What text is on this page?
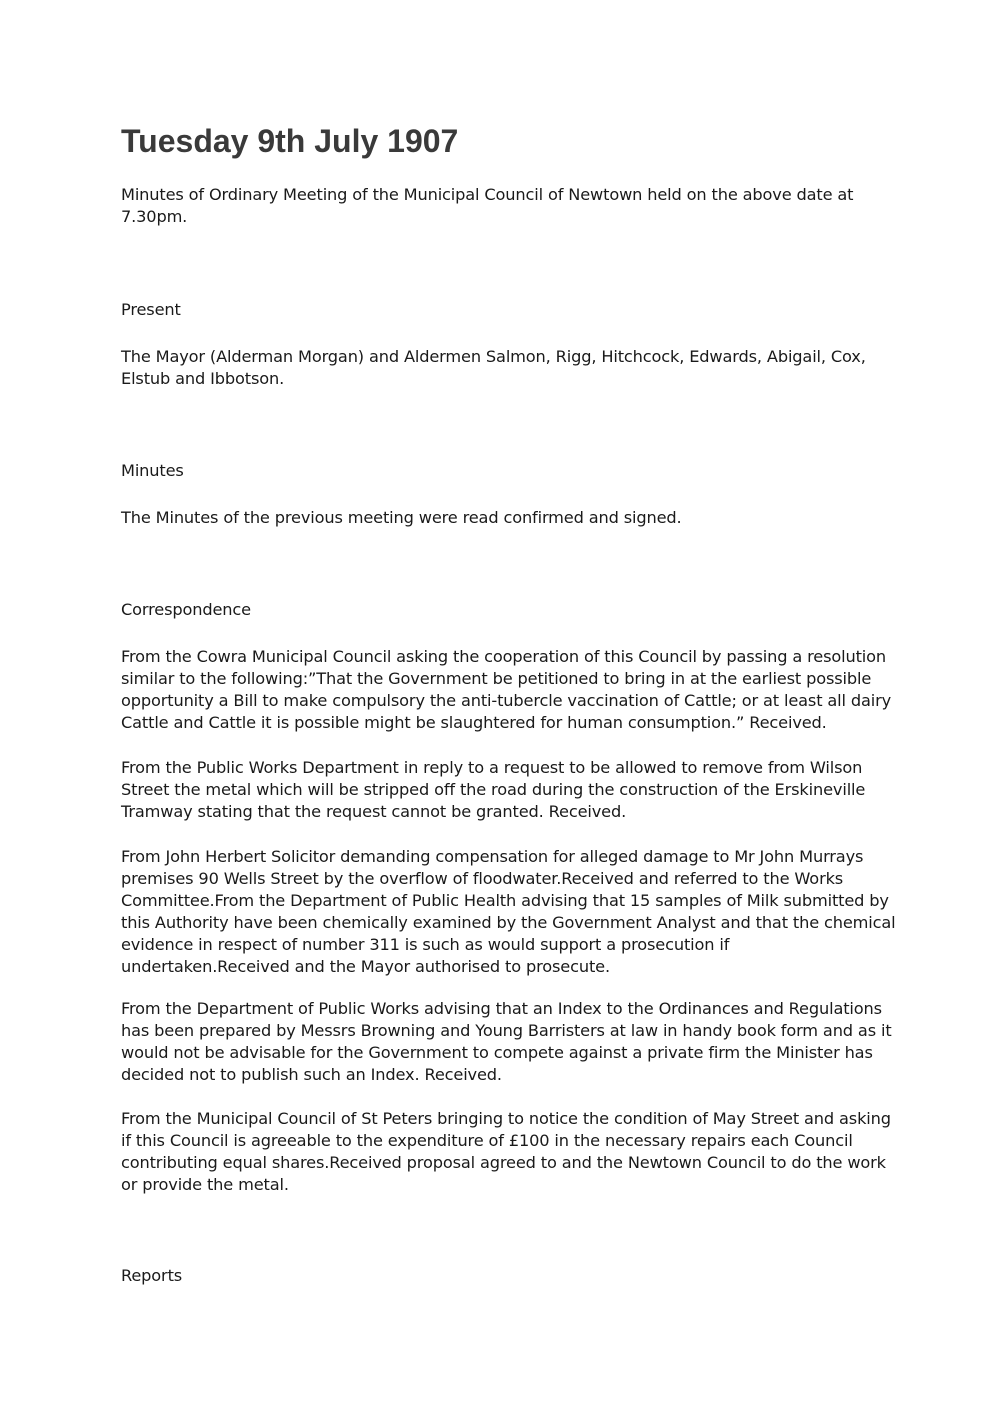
Tuesday 9th July 1907

Minutes of Ordinary Meeting of the Municipal Council of Newtown held on the above date at
7.30pm.

Present

The Mayor (Alderman Morgan) and Aldermen Salmon, Rigg, Hitchcock, Edwards, Abigail, Cox,
Elstub and Ibbotson.

Minutes

The Minutes of the previous meeting were read confirmed and signed.

Correspondence

From the Cowra Municipal Council asking the cooperation of this Council by passing a resolution
similar to the following:”That the Government be petitioned to bring in at the earliest possible
opportunity a Bill to make compulsory the anti-tubercle vaccination of Cattle; or at least all dairy
Cattle and Cattle it is possible might be slaughtered for human consumption.” Received.

From the Public Works Department in reply to a request to be allowed to remove from Wilson
Street the metal which will be stripped off the road during the construction of the Erskineville
Tramway stating that the request cannot be granted. Received.

From John Herbert Solicitor demanding compensation for alleged damage to Mr John Murrays
premises 90 Wells Street by the overflow of floodwater.Received and referred to the Works
Committee.From the Department of Public Health advising that 15 samples of Milk submitted by
this Authority have been chemically examined by the Government Analyst and that the chemical
evidence in respect of number 311 is such as would support a prosecution if
undertaken.Received and the Mayor authorised to prosecute.

From the Department of Public Works advising that an Index to the Ordinances and Regulations
has been prepared by Messrs Browning and Young Barristers at law in handy book form and as it
would not be advisable for the Government to compete against a private firm the Minister has
decided not to publish such an Index. Received.

From the Municipal Council of St Peters bringing to notice the condition of May Street and asking
if this Council is agreeable to the expenditure of £100 in the necessary repairs each Council
contributing equal shares.Received proposal agreed to and the Newtown Council to do the work
or provide the metal.

Reports
